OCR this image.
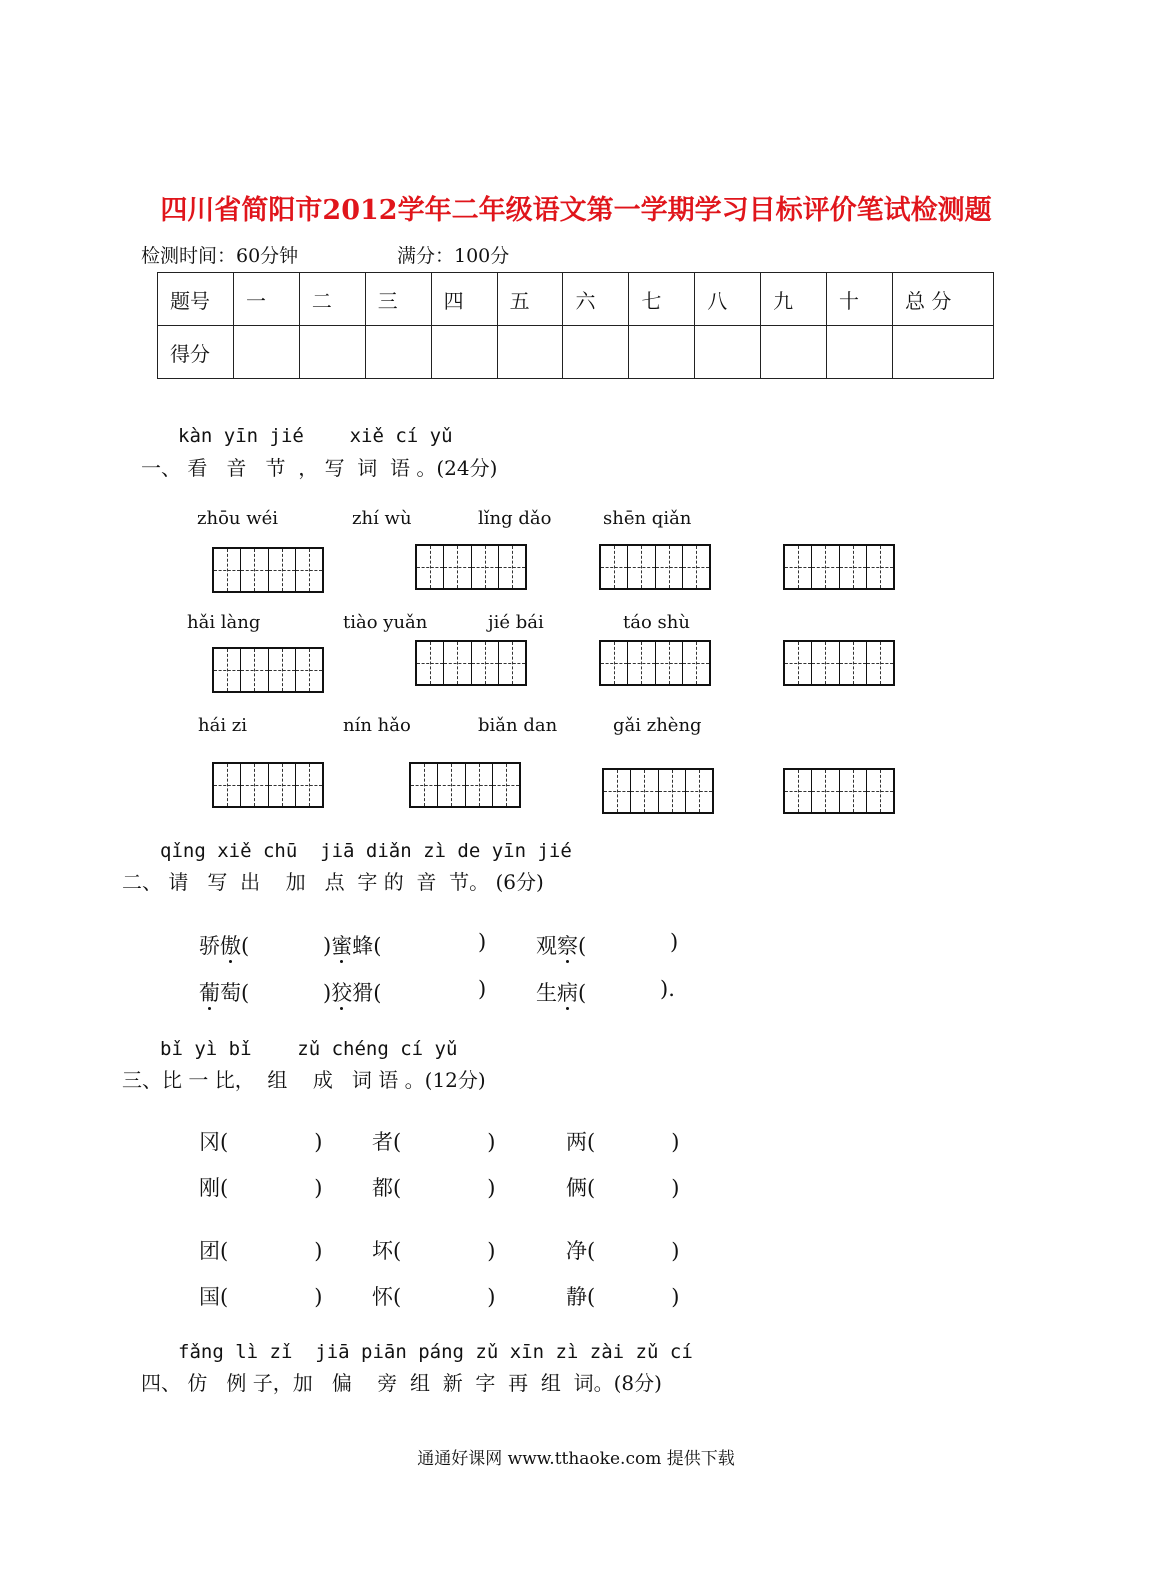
四川省简阳市2012学年二年级语文第一学期学习目标评价笔试检测题
检测时间：60分钟	满分：100分
题号	一	二	三	四	五	六	七	八	九	十	总 分
得分											
kàn yīn jié    xiě cí yǔ
一、 看   音   节  ， 写  词  语 。(24分)
zhōu wéi	zhí wù	lǐng dǎo	shēn qiǎn
hǎi làng	tiào yuǎn	jié bái	táo shù
hái zi	nín hǎo	biǎn dan	gǎi zhèng
qǐng xiě chū  jiā diǎn zì de yīn jié
二、 请   写  出    加   点  字 的  音  节。 (6分)
骄傲(	)蜜蜂(	) 观察(	)
葡萄(	)狡猾(	) 生病(	).
bǐ yì bǐ    zǔ chéng cí yǔ
三、比 一 比，  组    成   词 语 。(12分)
冈(	) 者(	)	两(	)
刚(	) 都(	)	俩(	)
团(	) 坏(	)	净(	)
国(	) 怀(	)	静(	)
fǎng lì zǐ  jiā piān páng zǔ xīn zì zài zǔ cí
四、 仿   例 子，加   偏    旁  组  新  字  再  组  词。(8分)
通通好课网 www.tthaoke.com 提供下载
